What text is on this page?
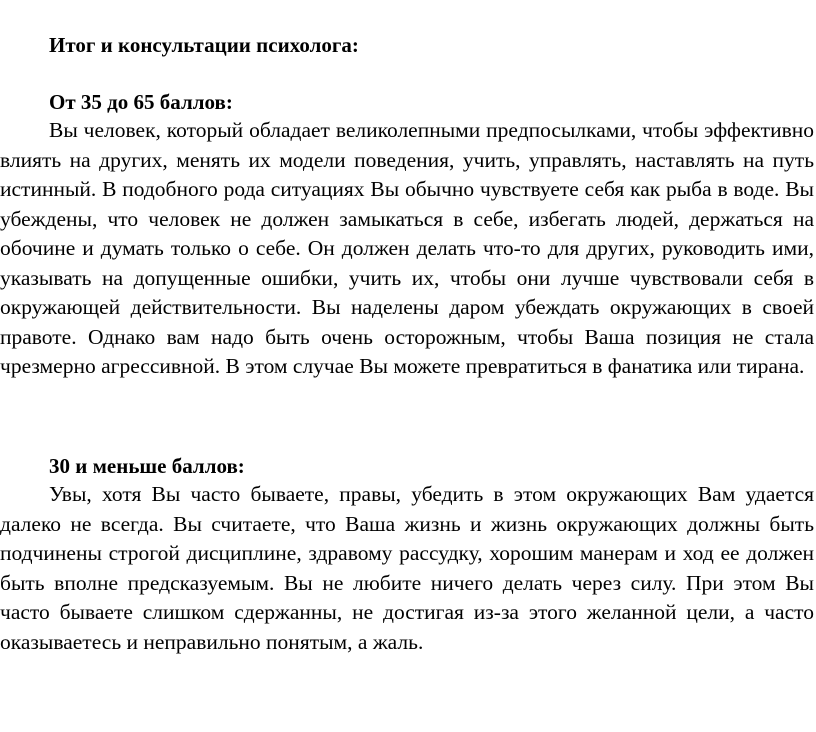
Итог и консультации психолога:
От 35 до 65 баллов:

Вы человек, который обладает великолепными предпосылками, чтобы эффективно влиять на других, менять их модели поведения, учить, управлять, наставлять на путь истинный. В подобного рода ситуациях Вы обычно чувствуете себя как рыба в воде. Вы убеждены, что человек не должен замыкаться в себе, избегать людей, держаться на обочине и думать только о себе. Он должен делать что-то для других, руководить ими, указывать на допущенные ошибки, учить их, чтобы они лучше чувствовали себя в окружающей действительности. Вы наделены даром убеждать окружающих в своей правоте. Однако вам надо быть очень осторожным, чтобы Ваша позиция не стала чрезмерно агрессивной. В этом случае Вы можете превратиться в фанатика или тирана.

30 и меньше баллов:

Увы, хотя Вы часто бываете, правы, убедить в этом окружающих Вам удается далеко не всегда. Вы считаете, что Ваша жизнь и жизнь окружающих должны быть подчинены строгой дисциплине, здравому рассудку, хорошим манерам и ход ее должен быть вполне предсказуемым. Вы не любите ничего делать через силу. При этом Вы часто бываете слишком сдержанны, не достигая из-за этого желанной цели, а часто оказываетесь и неправильно понятым, а жаль.
